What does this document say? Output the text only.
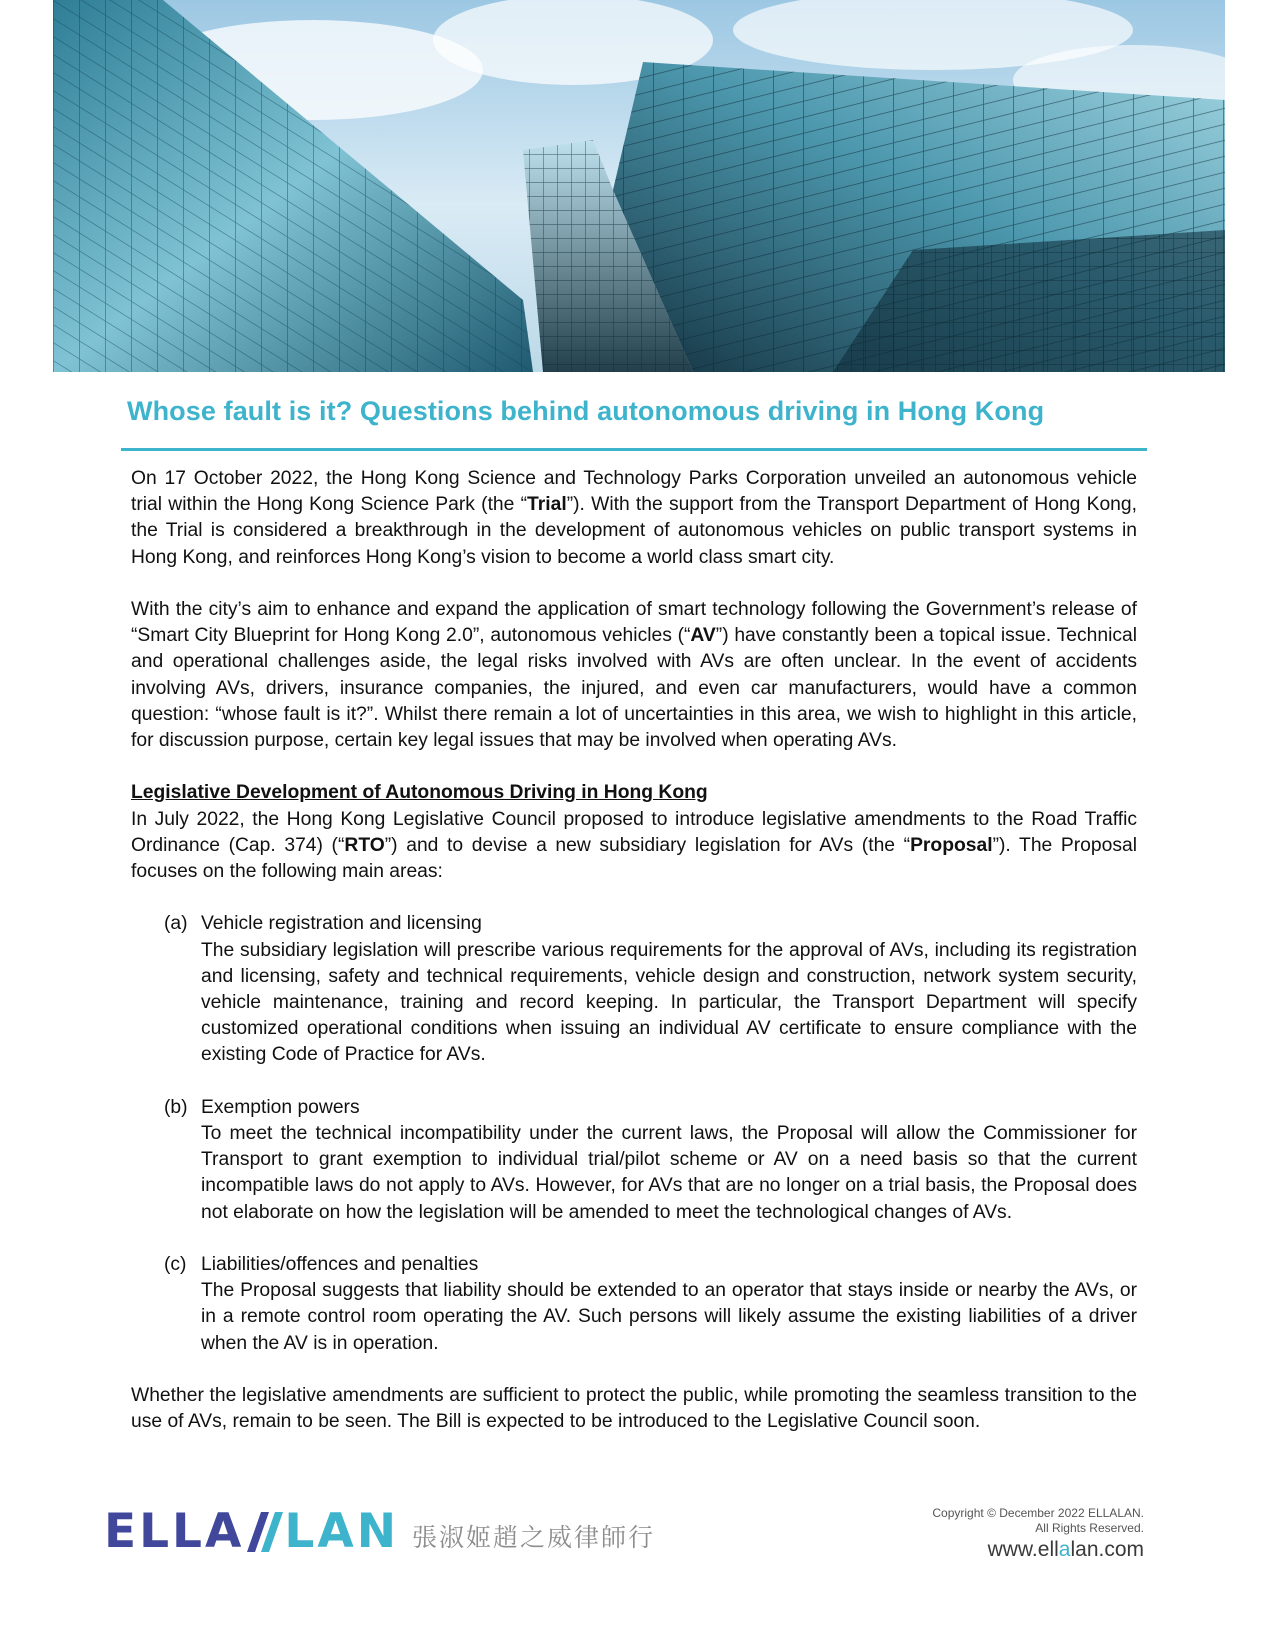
Whose fault is it? Questions behind autonomous driving in Hong Kong

On 17 October 2022, the Hong Kong Science and Technology Parks Corporation unveiled an autonomous vehicle trial within the Hong Kong Science Park (the “Trial”). With the support from the Transport Department of Hong Kong, the Trial is considered a breakthrough in the development of autonomous vehicles on public transport systems in Hong Kong, and reinforces Hong Kong’s vision to become a world class smart city.

With the city’s aim to enhance and expand the application of smart technology following the Government’s release of “Smart City Blueprint for Hong Kong 2.0”, autonomous vehicles (“AV”) have constantly been a topical issue. Technical and operational challenges aside, the legal risks involved with AVs are often unclear. In the event of accidents involving AVs, drivers, insurance companies, the injured, and even car manufacturers, would have a common question: “whose fault is it?”. Whilst there remain a lot of uncertainties in this area, we wish to highlight in this article, for discussion purpose, certain key legal issues that may be involved when operating AVs.

Legislative Development of Autonomous Driving in Hong Kong

In July 2022, the Hong Kong Legislative Council proposed to introduce legislative amendments to the Road Traffic Ordinance (Cap. 374) (“RTO”) and to devise a new subsidiary legislation for AVs (the “Proposal”). The Proposal focuses on the following main areas:

(a) Vehicle registration and licensing

The subsidiary legislation will prescribe various requirements for the approval of AVs, including its registration and licensing, safety and technical requirements, vehicle design and construction, network system security, vehicle maintenance, training and record keeping. In particular, the Transport Department will specify customized operational conditions when issuing an individual AV certificate to ensure compliance with the existing Code of Practice for AVs.

(b) Exemption powers

To meet the technical incompatibility under the current laws, the Proposal will allow the Commissioner for Transport to grant exemption to individual trial/pilot scheme or AV on a need basis so that the current incompatible laws do not apply to AVs. However, for AVs that are no longer on a trial basis, the Proposal does not elaborate on how the legislation will be amended to meet the technological changes of AVs.

(c) Liabilities/offences and penalties

The Proposal suggests that liability should be extended to an operator that stays inside or nearby the AVs, or in a remote control room operating the AV. Such persons will likely assume the existing liabilities of a driver when the AV is in operation.

Whether the legislative amendments are sufficient to protect the public, while promoting the seamless transition to the use of AVs, remain to be seen. The Bill is expected to be introduced to the Legislative Council soon.

ELLA LAN 張淑姬趙之威律師行
Copyright © December 2022 ELLALAN.
All Rights Reserved.
www.ellalan.com
